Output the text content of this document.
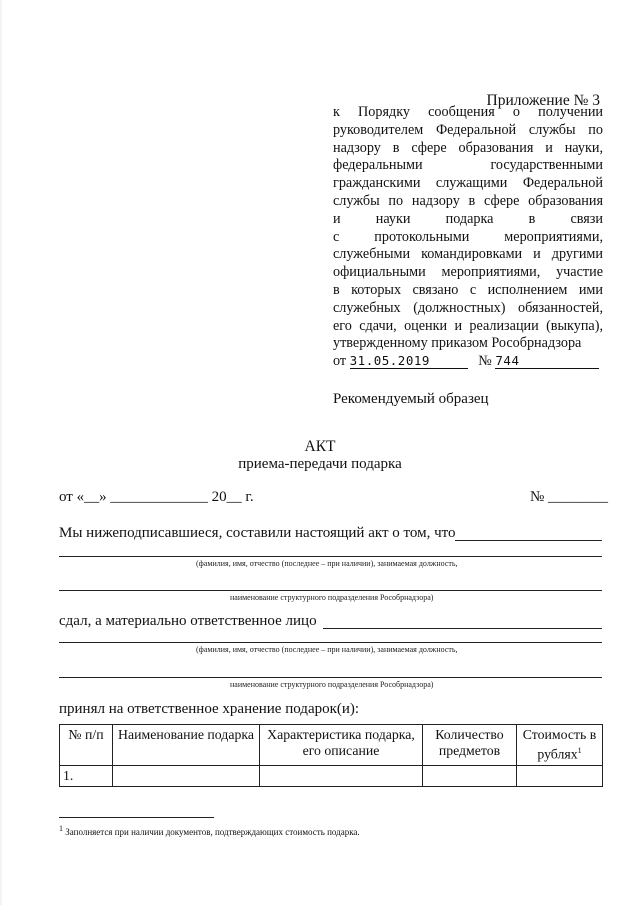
Приложение № 3
к Порядку сообщения о получении
руководителем Федеральной службы по
надзору в сфере образования и науки,
федеральными государственными
гражданскими служащими Федеральной
службы по надзору в сфере образования
и науки подарка в связи
с протокольными мероприятиями,
служебными командировками и другими
официальными мероприятиями, участие
в которых связано с исполнением ими
служебных (должностных) обязанностей,
его сдачи, оценки и реализации (выкупа),
утвержденному приказом Рособрнадзора
от 31.05.2019	№ 744
Рекомендуемый образец
АКТ
приема-передачи подарка
от «__» _____________ 20__ г.	№ ________
Мы нижеподписавшиеся, составили настоящий акт о том, что
(фамилия, имя, отчество (последнее – при наличии), занимаемая должность,
наименование структурного подразделения Рособрнадзора)
сдал, а материально ответственное лицо
(фамилия, имя, отчество (последнее – при наличии), занимаемая должность,
наименование структурного подразделения Рособрнадзора)
принял на ответственное хранение подарок(и):
№ п/п	Наименование подарка	Характеристика подарка, его описание	Количество предметов	Стоимость в рублях$^1$
1.				
$^1$ Заполняется при наличии документов, подтверждающих стоимость подарка.
